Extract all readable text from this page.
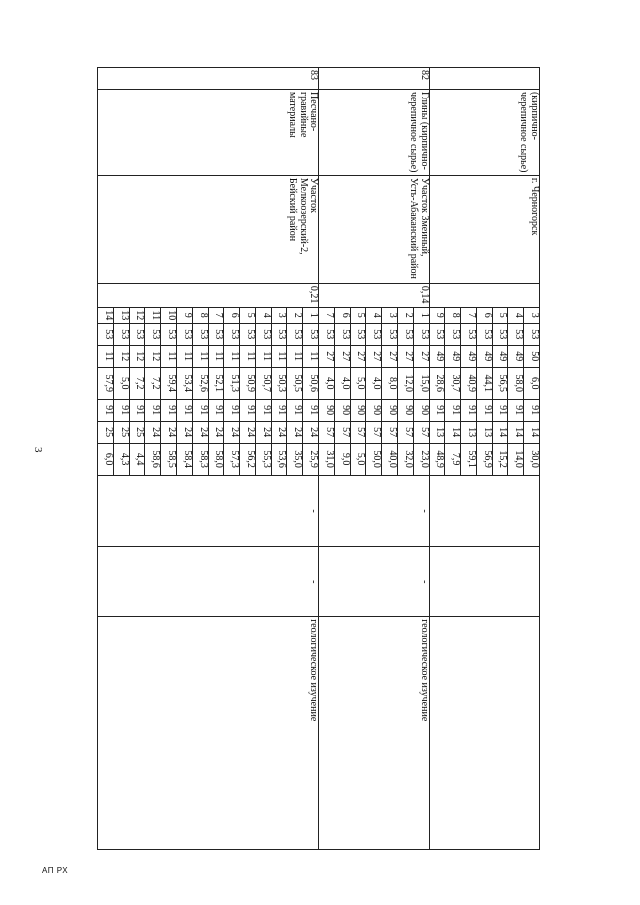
	(кирпично-черепичное сырье)	г. Черногорск		3	53	50	6,0	91	14	30,0			
				4	53	49	58,0	91	14	14,0			
				5	53	49	56,5	91	14	15,2			
				6	53	49	44,1	91	13	56,9			
				7	53	49	40,9	91	13	59,1			
				8	53	49	30,7	91	14	7,9			
				9	53	49	28,6	91	13	48,9			
82	Глины (кирпично-черепичное сырье)	Участок Змеиный, Усть-Абаканский район	0,14	1	53	27	15,0	90	57	23,0	-	-	геологическое изучение
				2	53	27	12,0	90	57	32,0			
				3	53	27	8,0	90	57	40,0			
				4	53	27	4,0	90	57	50,0			
				5	53	27	5,0	90	57	5,0			
				6	53	27	4,0	90	57	9,0			
				7	53	27	4,0	90	57	31,0			
83	Песчано-гравийные материалы	Участок Мелкоозерский-2, Бейский район	0,21	1	53	11	50,6	91	24	25,9	-	-	геологическое изучение
				2	53	11	50,5	91	24	35,0			
				3	53	11	50,3	91	24	53,6			
				4	53	11	50,7	91	24	55,3			
				5	53	11	50,9	91	24	56,2			
				6	53	11	51,3	91	24	57,3			
				7	53	11	52,1	91	24	58,0			
				8	53	11	52,6	91	24	58,3			
				9	53	11	53,4	91	24	58,4			
				10	53	11	59,4	91	24	58,5			
				11	53	12	7,2	91	24	58,6			
				12	53	12	7,2	91	25	4,4			
				13	53	12	5,0	91	25	4,3			
				14	53	11	57,9	91	25	6,0			
3
АП РХ
